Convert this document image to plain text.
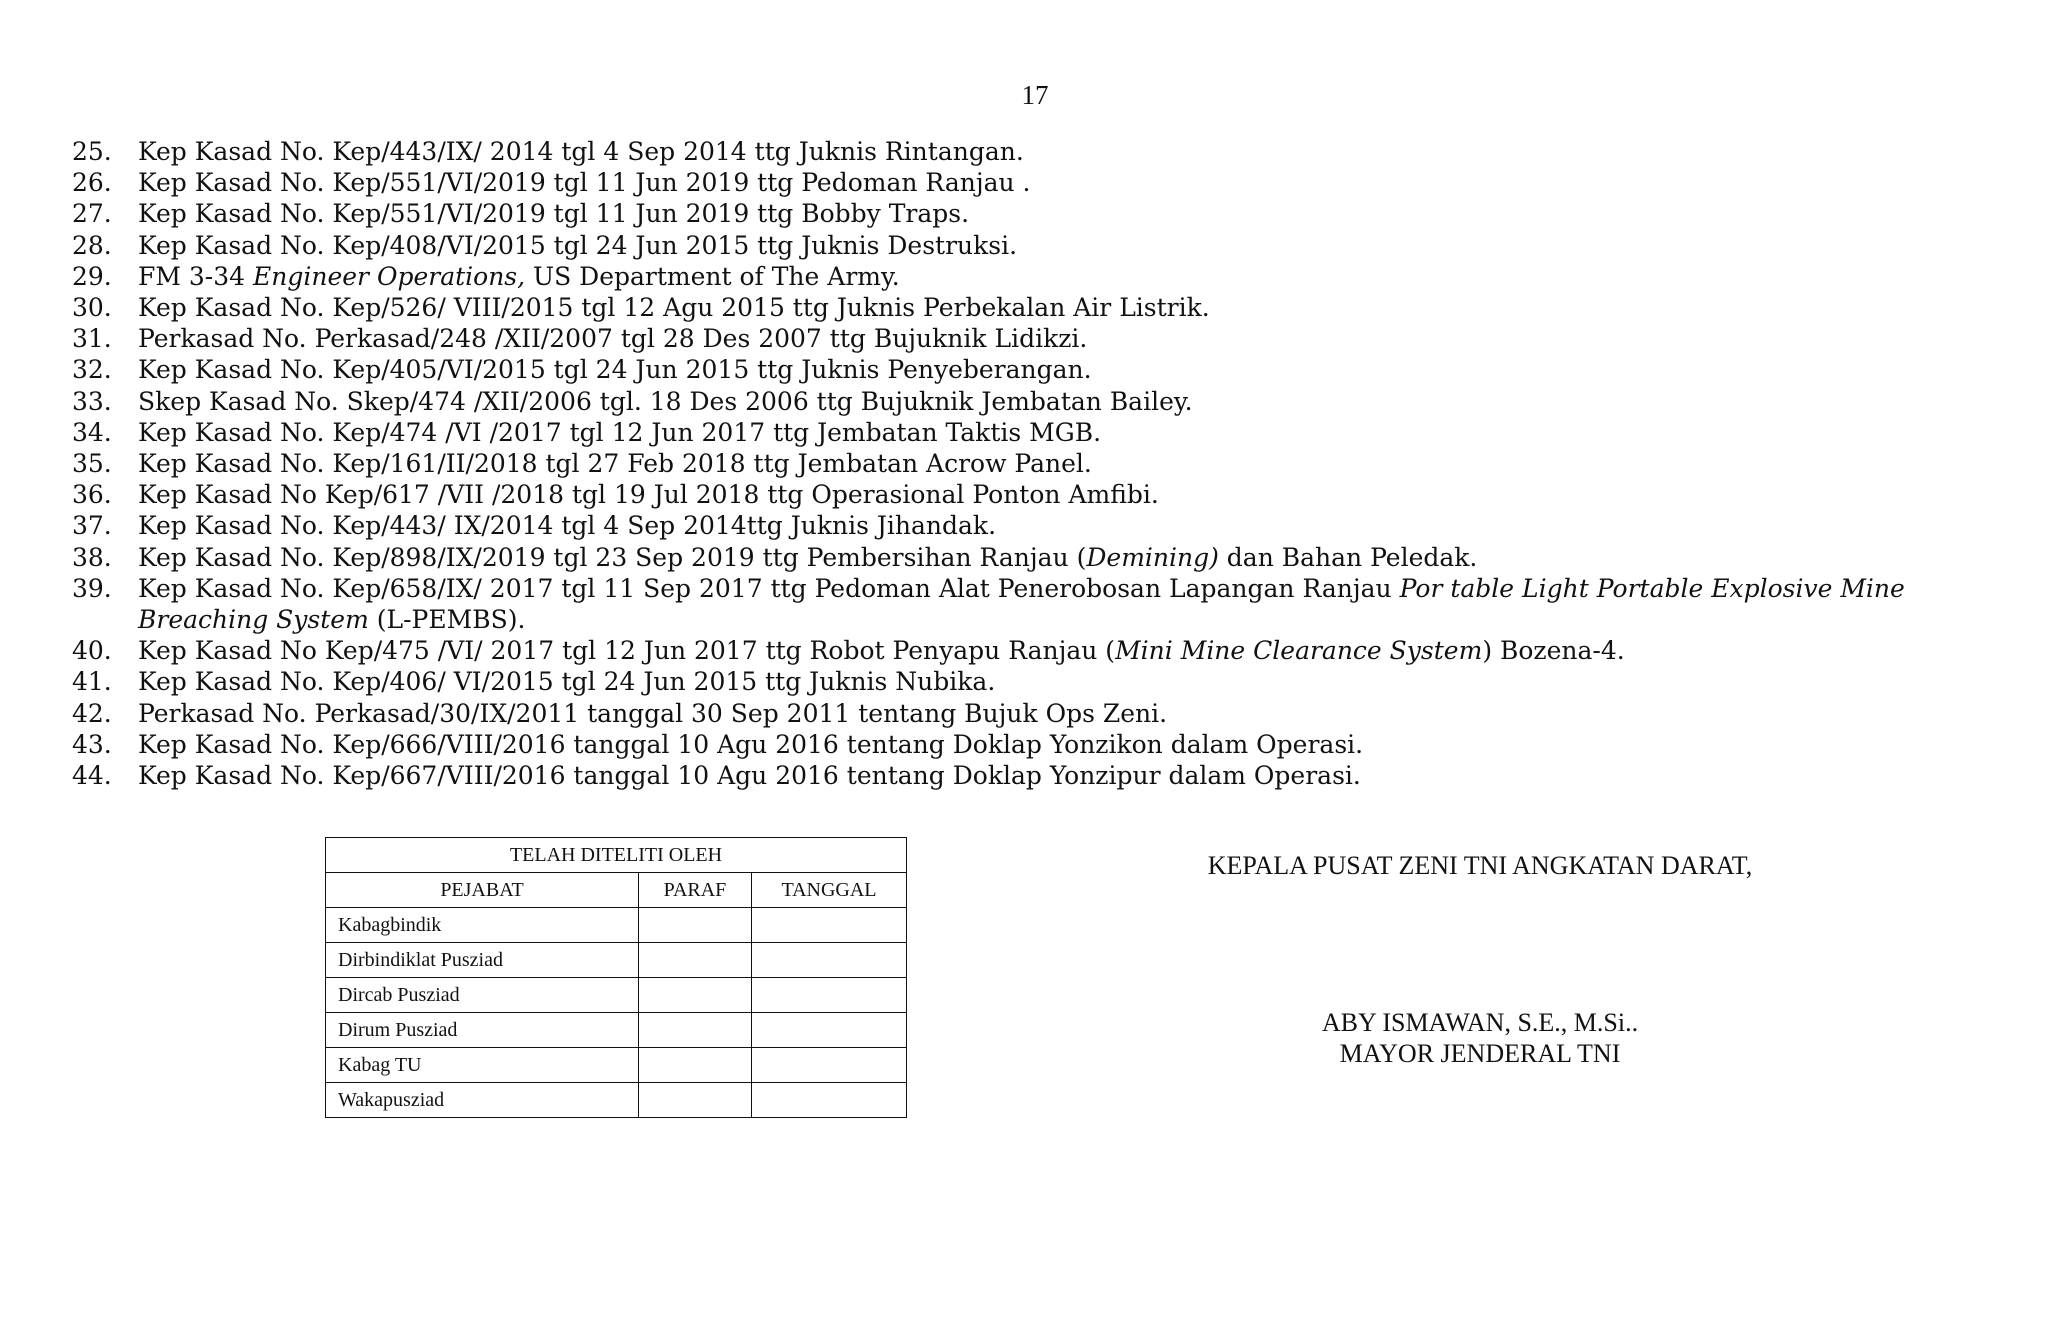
17
25. Kep Kasad No. Kep/443/IX/ 2014 tgl 4 Sep 2014 ttg Juknis Rintangan.
26. Kep Kasad No. Kep/551/VI/2019 tgl 11 Jun 2019 ttg Pedoman Ranjau .
27. Kep Kasad No. Kep/551/VI/2019 tgl 11 Jun 2019 ttg Bobby Traps.
28. Kep Kasad No. Kep/408/VI/2015 tgl 24 Jun 2015 ttg Juknis Destruksi.
29. FM 3-34 Engineer Operations, US Department of The Army.
30. Kep Kasad No. Kep/526/ VIII/2015 tgl 12 Agu 2015 ttg Juknis Perbekalan Air Listrik.
31. Perkasad No. Perkasad/248 /XII/2007 tgl 28 Des 2007 ttg Bujuknik Lidikzi.
32. Kep Kasad No. Kep/405/VI/2015 tgl 24 Jun 2015 ttg Juknis Penyeberangan.
33. Skep Kasad No. Skep/474 /XII/2006 tgl. 18 Des 2006 ttg Bujuknik Jembatan Bailey.
34. Kep Kasad No. Kep/474 /VI /2017 tgl 12 Jun 2017 ttg Jembatan Taktis MGB.
35. Kep Kasad No. Kep/161/II/2018 tgl 27 Feb 2018 ttg Jembatan Acrow Panel.
36. Kep Kasad No Kep/617 /VII /2018 tgl 19 Jul 2018 ttg Operasional Ponton Amfibi.
37. Kep Kasad No. Kep/443/ IX/2014 tgl 4 Sep 2014ttg Juknis Jihandak.
38. Kep Kasad No. Kep/898/IX/2019 tgl 23 Sep 2019 ttg Pembersihan Ranjau (Demining) dan Bahan Peledak.
39. Kep Kasad No. Kep/658/IX/ 2017 tgl 11 Sep 2017 ttg Pedoman Alat Penerobosan Lapangan Ranjau Por table Light Portable Explosive Mine Breaching System (L-PEMBS).
40. Kep Kasad No Kep/475 /VI/ 2017 tgl 12 Jun 2017 ttg Robot Penyapu Ranjau (Mini Mine Clearance System) Bozena-4.
41. Kep Kasad No. Kep/406/ VI/2015 tgl 24 Jun 2015 ttg Juknis Nubika.
42. Perkasad No. Perkasad/30/IX/2011 tanggal 30 Sep 2011 tentang Bujuk Ops Zeni.
43. Kep Kasad No. Kep/666/VIII/2016 tanggal 10 Agu 2016 tentang Doklap Yonzikon dalam Operasi.
44. Kep Kasad No. Kep/667/VIII/2016 tanggal 10 Agu 2016 tentang Doklap Yonzipur dalam Operasi.
TELAH DITELITI OLEH		
PEJABAT	PARAF	TANGGAL
Kabagbindik		
Dirbindiklat Pusziad		
Dircab Pusziad		
Dirum Pusziad		
Kabag TU		
Wakapusziad		
KEPALA PUSAT ZENI TNI ANGKATAN DARAT,
ABY ISMAWAN, S.E., M.Si..
MAYOR JENDERAL TNI
